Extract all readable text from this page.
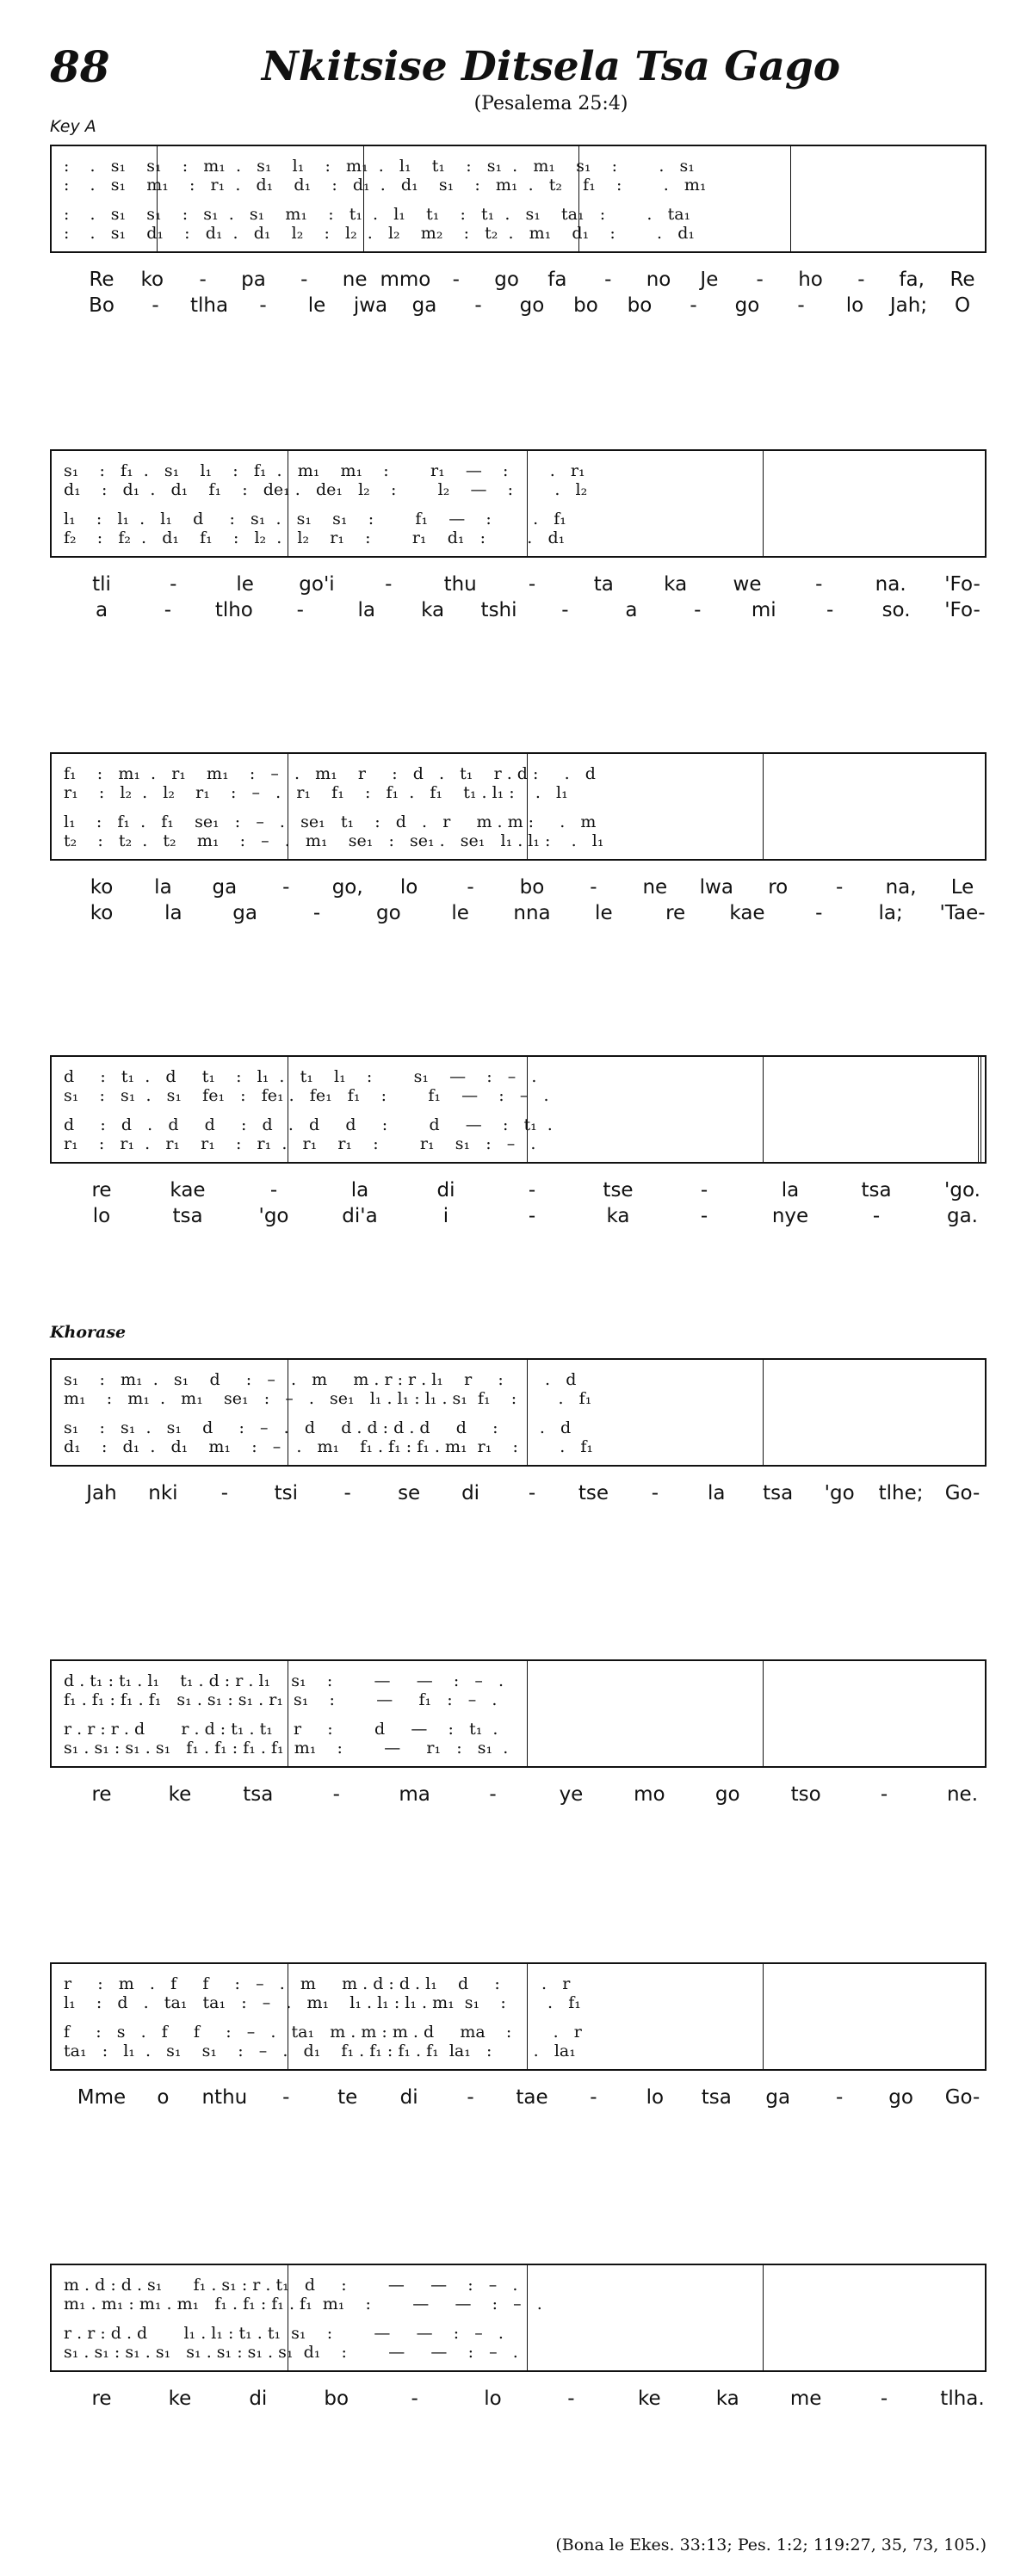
88	Nkitsise Ditsela Tsa Gago
(Pesalema 25:4)
Key A
Khorase
:    .   s₁    s₁    :   m₁  .   s₁    l₁    :   m₁  .   l₁    t₁    :   s₁  .   m₁    s₁    :        .   s₁
:    .   s₁    m₁    :   r₁  .   d₁    d₁    :   d₁  .   d₁    s₁    :   m₁  .   t₂    f₁    :        .   m₁
:    .   s₁    s₁    :   s₁  .   s₁    m₁    :   t₁  .   l₁    t₁    :   t₁  .   s₁    ta₁   :        .   ta₁
:    .   s₁    d₁    :   d₁  .   d₁    l₂    :   l₂  .   l₂    m₂    :   t₂  .   m₁    d₁    :        .   d₁
Re ko - pa - ne mmo - go fa - no Je - ho - fa, Re
Bo - tlha - le jwa ga - go bo bo - go - lo Jah; O
s₁    :   f₁  .   s₁    l₁    :   f₁  .   m₁    m₁    :        r₁    —    :        .   r₁
d₁    :   d₁  .   d₁    f₁    :   de₁ .   de₁   l₂    :        l₂    —    :        .   l₂
l₁    :   l₁  .   l₁    d     :   s₁  .   s₁    s₁    :        f₁    —    :        .   f₁
f₂    :   f₂  .   d₁    f₁    :   l₂  .   l₂    r₁    :        r₁    d₁   :        .   d₁
tli	-	le go'i	-	thu	-	ta	ka we	-	na. 'Fo-
a	- tlho -	la ka tshi -	a	-	mi	- so. 'Fo-
f₁    :   m₁  .   r₁    m₁    :   –   .   m₁    r     :   d   .   t₁    r . d :     .   d
r₁    :   l₂  .   l₂    r₁    :   –   .   r₁    f₁    :   f₁  .   f₁    t₁ . l₁ :    .   l₁
l₁    :   f₁  .   f₁    se₁   :   –   .   se₁   t₁    :   d   .   r     m . m :     .   m
t₂    :   t₂  .   t₂    m₁    :   –   .   m₁    se₁   :   se₁ .   se₁   l₁ . l₁ :    .   l₁
ko la ga - go, lo - bo - ne lwa ro - na, Le
ko	la	ga	-	go	le nna le	re kae	-	la; 'Tae-
d     :   t₁  .   d     t₁    :   l₁  .   t₁    l₁    :        s₁    —    :   –   .
s₁    :   s₁  .   s₁    fe₁   :   fe₁ .   fe₁   f₁    :        f₁    —    :   –   .
d     :   d   .   d     d     :   d   .   d     d     :        d     —    :   t₁  .
r₁    :   r₁  .   r₁    r₁    :   r₁  .   r₁    r₁    :        r₁    s₁   :   –   .
re	kae	-	la	di	-	tse	-	la	tsa	'go.
lo	tsa	'go	di'a	i	-	ka	-	nye	-	ga.
s₁    :   m₁  .   s₁    d     :   –   .   m     m . r : r . l₁    r     :        .   d
m₁    :   m₁  .   m₁    se₁   :   –   .   se₁   l₁ . l₁ : l₁ . s₁  f₁    :        .   f₁
s₁    :   s₁  .   s₁    d     :   –   .   d     d . d : d . d     d     :        .   d
d₁    :   d₁  .   d₁    m₁    :   –   .   m₁    f₁ . f₁ : f₁ . m₁  r₁    :        .   f₁
Jah nki - tsi - se di - tse - la tsa 'go tlhe; Go-
d . t₁ : t₁ . l₁    t₁ . d : r . l₁    s₁    :        —     —    :   –   .
f₁ . f₁ : f₁ . f₁   s₁ . s₁ : s₁ . r₁  s₁    :        —     f₁   :   –   .
r . r : r . d       r . d : t₁ . t₁    r     :        d     —    :   t₁  .
s₁ . s₁ : s₁ . s₁   f₁ . f₁ : f₁ . f₁  m₁    :        —     r₁   :   s₁  .
re	ke	tsa	-	ma	-	ye	mo	go	tso	-	ne.
r     :   m   .   f     f     :   –   .   m     m . d : d . l₁    d     :        .   r
l₁    :   d   .   ta₁   ta₁   :   –   .   m₁    l₁ . l₁ : l₁ . m₁  s₁    :        .   f₁
f     :   s   .   f     f     :   –   .   ta₁   m . m : m . d     ma    :        .   r
ta₁   :   l₁  .   s₁    s₁    :   –   .   d₁    f₁ . f₁ : f₁ . f₁  la₁   :        .   la₁
Mme o nthu - te di - tae - lo tsa ga - go Go-
m . d : d . s₁      f₁ . s₁ : r . t₁   d     :        —     —    :   –   .
m₁ . m₁ : m₁ . m₁   f₁ . f₁ : f₁ . f₁  m₁    :        —     —    :   –   .
r . r : d . d       l₁ . l₁ : t₁ . t₁  s₁    :        —     —    :   –   .
s₁ . s₁ : s₁ . s₁   s₁ . s₁ : s₁ . s₁  d₁    :        —     —    :   –   .
re	ke	di	bo	-	lo	-	ke	ka	me	-	tlha.
(Bona le Ekes. 33:13; Pes. 1:2; 119:27, 35, 73, 105.)
